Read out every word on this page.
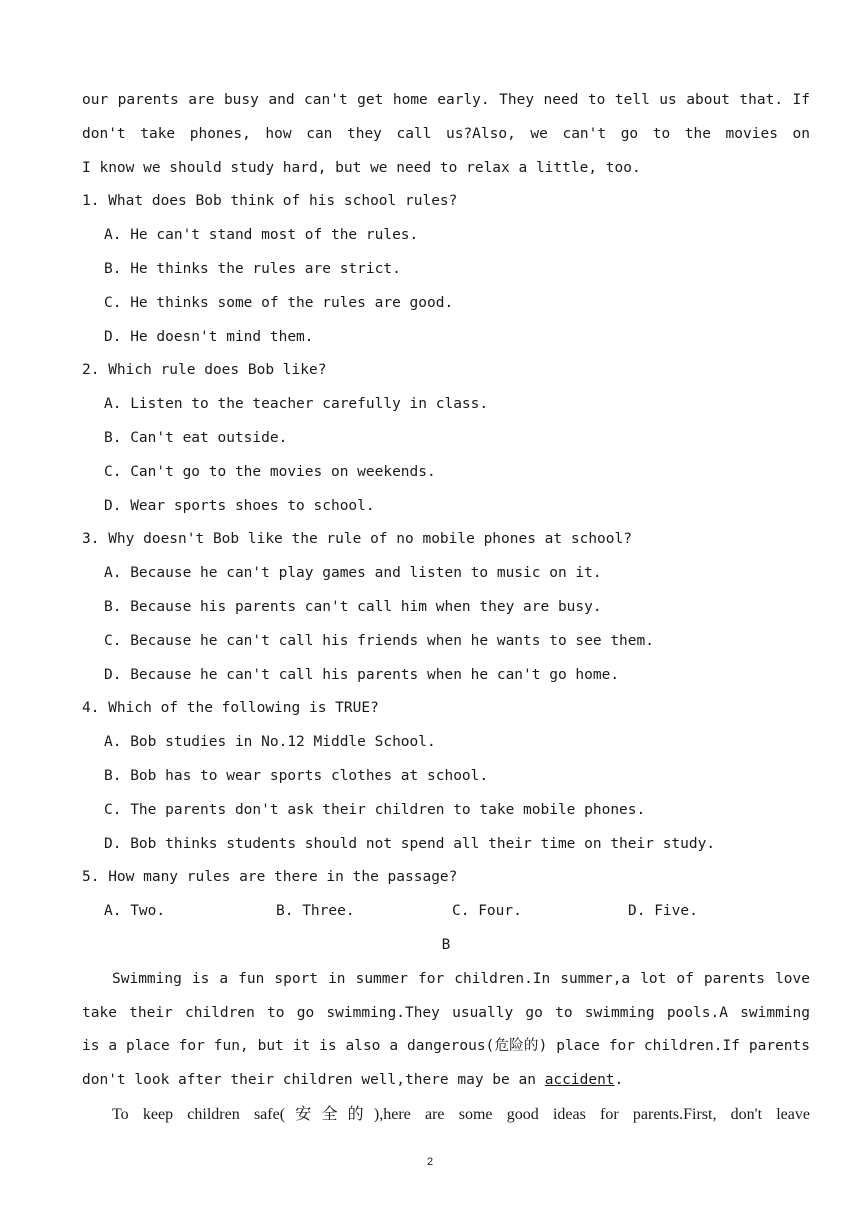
our parents are busy and can't get home early. They need to tell us about that. If
don't take phones, how can they call us?Also, we can't go to the movies on
I know we should study hard, but we need to relax a little, too.
1. What does Bob think of his school rules?
A. He can't stand most of the rules.
B. He thinks the rules are strict.
C. He thinks some of the rules are good.
D. He doesn't mind them.
2. Which rule does Bob like?
A. Listen to the teacher carefully in class.
B. Can't eat outside.
C. Can't go to the movies on weekends.
D. Wear sports shoes to school.
3. Why doesn't Bob like the rule of no mobile phones at school?
A. Because he can't play games and listen to music on it.
B. Because his parents can't call him when they are busy.
C. Because he can't call his friends when he wants to see them.
D. Because he can't call his parents when he can't go home.
4. Which of the following is TRUE?
A. Bob studies in No.12 Middle School.
B. Bob has to wear sports clothes at school.
C. The parents don't ask their children to take mobile phones.
D. Bob thinks students should not spend all their time on their study.
5. How many rules are there in the passage?
A. Two.	B. Three.	C. Four.	D. Five.
B
Swimming is a fun sport in summer for children.In summer,a lot of parents love
take their children to go swimming.They usually go to swimming pools.A swimming
is a place for fun, but it is also a dangerous(危险的) place for children.If parents
don't look after their children well,there may be an accident.
To keep children safe(安全的),here are some good ideas for parents.First, don't leave
2
